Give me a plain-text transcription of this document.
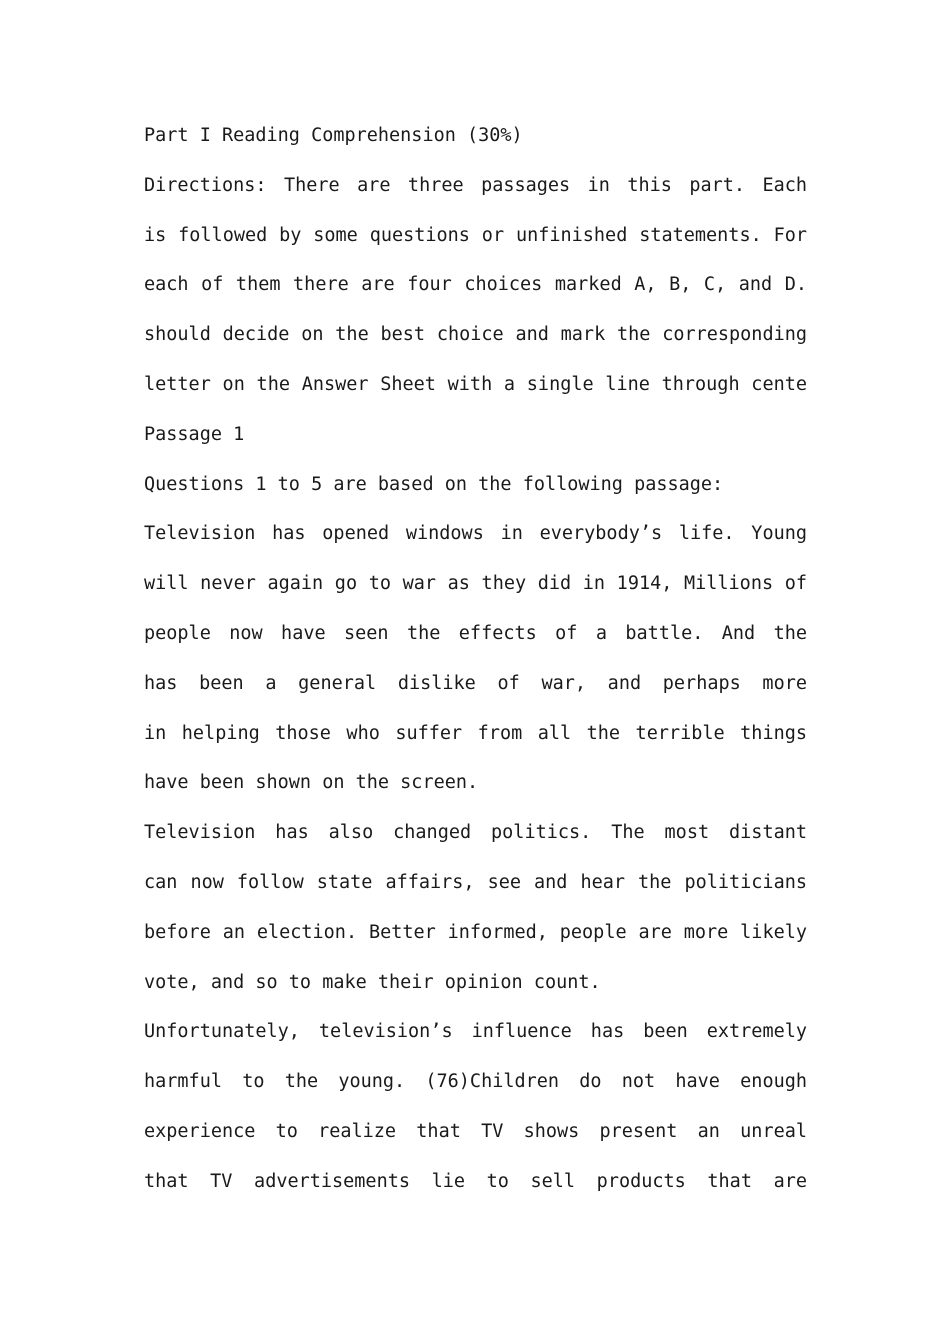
Part I Reading Comprehension (30%)
Directions: There are three passages in this part. Each
is followed by some questions or unfinished statements. For
each of them there are four choices marked A, B, C, and D.
should decide on the best choice and mark the corresponding
letter on the Answer Sheet with a single line through cente
Passage 1
Questions 1 to 5 are based on the following passage:
Television has opened windows in everybody’s life. Young
will never again go to war as they did in 1914, Millions of
people now have seen the effects of a battle. And the
has been a general dislike of war, and perhaps more
in helping those who suffer from all the terrible things
have been shown on the screen.
Television has also changed politics. The most distant
can now follow state affairs, see and hear the politicians
before an election. Better informed, people are more likely
vote, and so to make their opinion count.
Unfortunately, television’s influence has been extremely
harmful to the young. (76)Children do not have enough
experience to realize that TV shows present an unreal
that TV advertisements lie to sell products that are
